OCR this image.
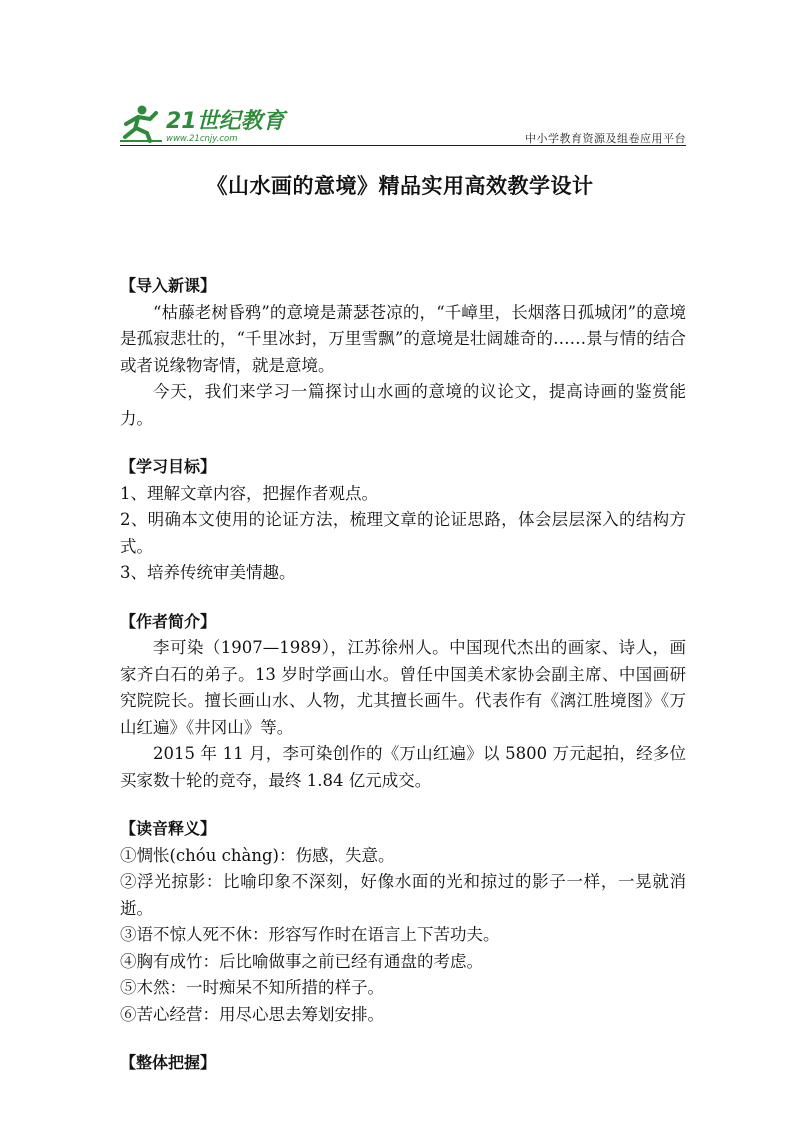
21世纪教育
www.21cnjy.com	中小学教育资源及组卷应用平台
《山水画的意境》精品实用高效教学设计

【导入新课】

“枯藤老树昏鸦”的意境是萧瑟苍凉的，“千嶂里，长烟落日孤城闭”的意境是孤寂悲壮的，“千里冰封，万里雪飘”的意境是壮阔雄奇的……景与情的结合或者说缘物寄情，就是意境。

今天，我们来学习一篇探讨山水画的意境的议论文，提高诗画的鉴赏能力。

【学习目标】

1、理解文章内容，把握作者观点。

2、明确本文使用的论证方法，梳理文章的论证思路，体会层层深入的结构方式。

3、培养传统审美情趣。

【作者简介】

李可染（1907—1989），江苏徐州人。中国现代杰出的画家、诗人，画家齐白石的弟子。13 岁时学画山水。曾任中国美术家协会副主席、中国画研究院院长。擅长画山水、人物，尤其擅长画牛。代表作有《漓江胜境图》《万山红遍》《井冈山》等。

2015 年 11 月，李可染创作的《万山红遍》以 5800 万元起拍，经多位买家数十轮的竞夺，最终 1.84 亿元成交。

【读音释义】

①惆怅(chóu chàng)：伤感，失意。

②浮光掠影：比喻印象不深刻，好像水面的光和掠过的影子一样，一晃就消逝。

③语不惊人死不休：形容写作时在语言上下苦功夫。

④胸有成竹：后比喻做事之前已经有通盘的考虑。

⑤木然：一时痴呆不知所措的样子。

⑥苦心经营：用尽心思去筹划安排。

【整体把握】
